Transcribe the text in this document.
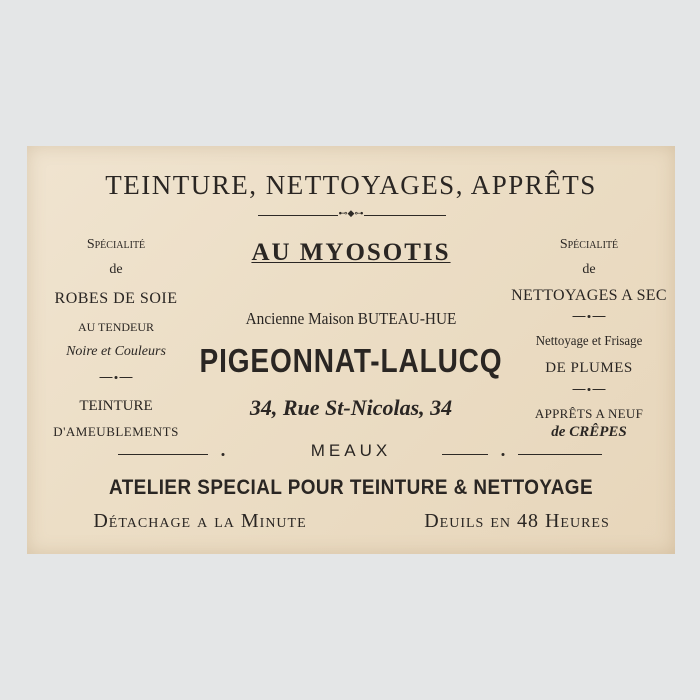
TEINTURE, NETTOYAGES, APPRÊTS
⊷◆⊶
AU MYOSOTIS
Ancienne Maison BUTEAU-HUE
PIGEONNAT-LALUCQ
34, Rue St-Nicolas, 34
MEAUX
ATELIER SPECIAL POUR TEINTURE & NETTOYAGE
Détachage a la Minute	Deuils en 48 Heures
Spécialité
de
ROBES DE SOIE
AU TENDEUR
Noire et Couleurs
TEINTURE
D'AMEUBLEMENTS
Spécialité
de
NETTOYAGES A SEC
Nettoyage et Frisage
DE PLUMES
APPRÊTS A NEUF
de CRÊPES
